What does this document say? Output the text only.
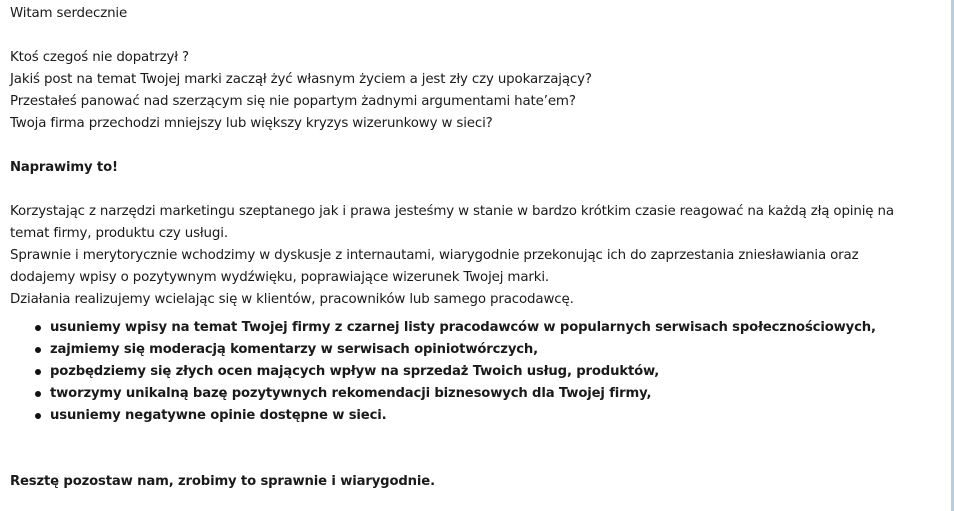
Witam serdecznie

Ktoś czegoś nie dopatrzył ?

Jakiś post na temat Twojej marki zaczął żyć własnym życiem a jest zły czy upokarzający?

Przestałeś panować nad szerzącym się nie popartym żadnymi argumentami hate’em?

Twoja firma przechodzi mniejszy lub większy kryzys wizerunkowy w sieci?

Naprawimy to!

Korzystając z narzędzi marketingu szeptanego jak i prawa jesteśmy w stanie w bardzo krótkim czasie reagować na każdą złą opinię na

temat firmy, produktu czy usługi.

Sprawnie i merytorycznie wchodzimy w dyskusje z internautami, wiarygodnie przekonując ich do zaprzestania zniesławiania oraz

dodajemy wpisy o pozytywnym wydźwięku, poprawiające wizerunek Twojej marki.

Działania realizujemy wcielając się w klientów, pracowników lub samego pracodawcę.

usuniemy wpisy na temat Twojej firmy z czarnej listy pracodawców w popularnych serwisach społecznościowych,
zajmiemy się moderacją komentarzy w serwisach opiniotwórczych,
pozbędziemy się złych ocen mających wpływ na sprzedaż Twoich usług, produktów,
tworzymy unikalną bazę pozytywnych rekomendacji biznesowych dla Twojej firmy,
usuniemy negatywne opinie dostępne w sieci.

Resztę pozostaw nam, zrobimy to sprawnie i wiarygodnie.
